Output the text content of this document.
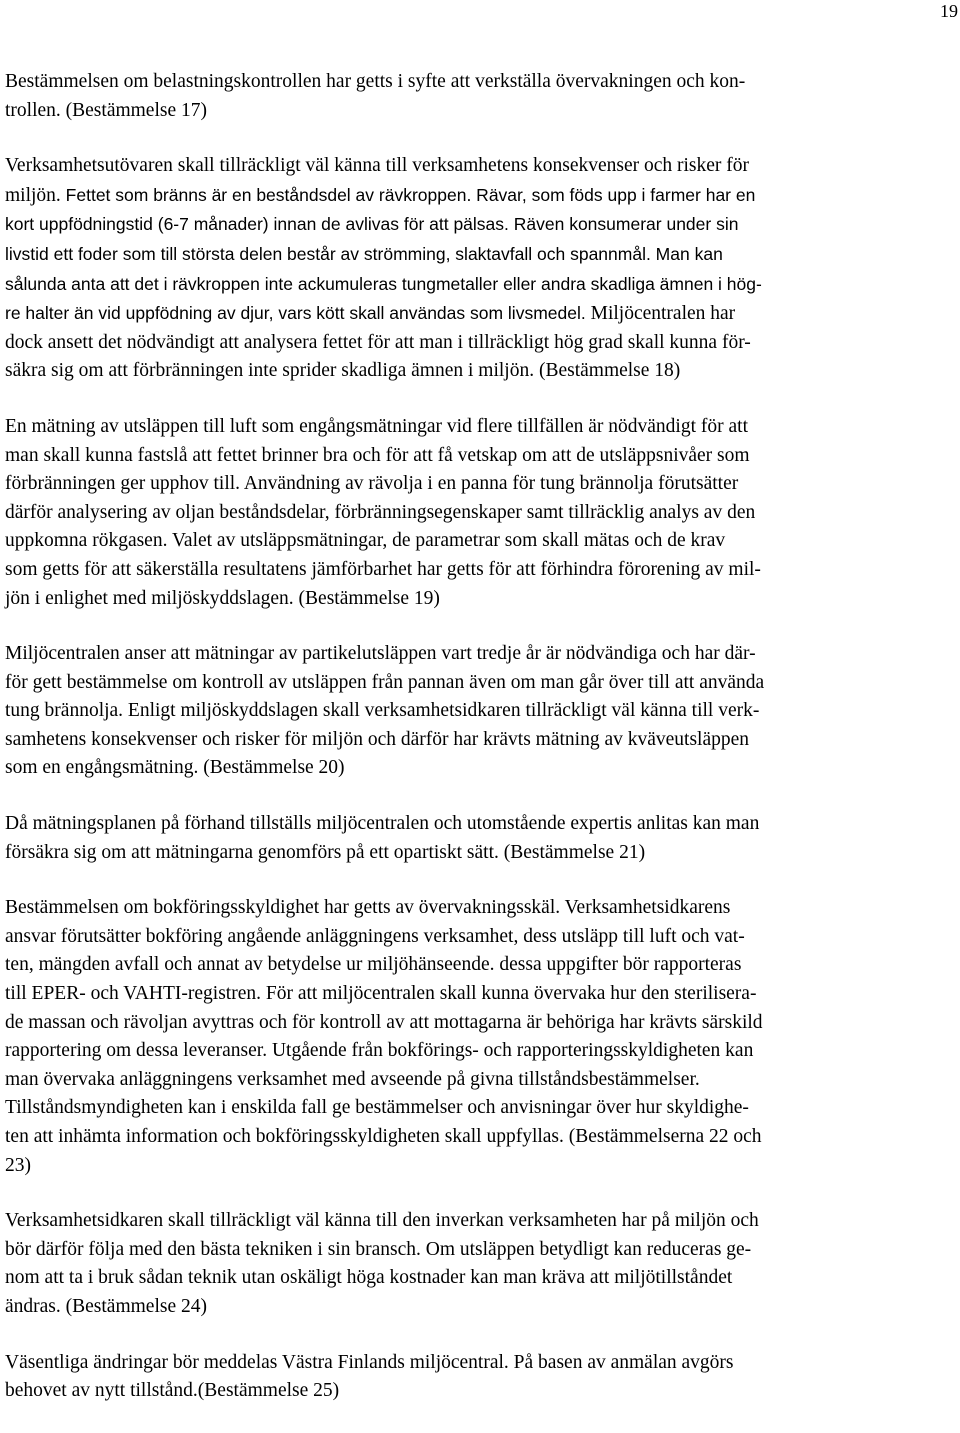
19

Bestämmelsen om belastningskontrollen har getts i syfte att verkställa övervakningen och kon-
trollen. (Bestämmelse 17)

Verksamhetsutövaren skall tillräckligt väl känna till verksamhetens konsekvenser och risker för
miljön. Fettet som bränns är en beståndsdel av rävkroppen. Rävar, som föds upp i farmer har en
kort uppfödningstid (6-7 månader) innan de avlivas för att pälsas. Räven konsumerar under sin
livstid ett foder som till största delen består av strömming, slaktavfall och spannmål. Man kan
sålunda anta att det i rävkroppen inte ackumuleras tungmetaller eller andra skadliga ämnen i hög-
re halter än vid uppfödning av djur, vars kött skall användas som livsmedel. Miljöcentralen har
dock ansett det nödvändigt att analysera fettet för att man i tillräckligt hög grad skall kunna för-
säkra sig om att förbränningen inte sprider skadliga ämnen i miljön. (Bestämmelse 18)

En mätning av utsläppen till luft som engångsmätningar vid flere tillfällen är nödvändigt för att
man skall kunna fastslå att fettet brinner bra och för att få vetskap om att de utsläppsnivåer som
förbränningen ger upphov till. Användning av rävolja i en panna för tung brännolja förutsätter
därför analysering av oljan beståndsdelar, förbränningsegenskaper samt tillräcklig analys av den
uppkomna rökgasen. Valet av utsläppsmätningar, de parametrar som skall mätas och de krav
som getts för att säkerställa resultatens jämförbarhet har getts för att förhindra förorening av mil-
jön i enlighet med miljöskyddslagen. (Bestämmelse 19)

Miljöcentralen anser att mätningar av partikelutsläppen vart tredje år är nödvändiga och har där-
för gett bestämmelse om kontroll av utsläppen från pannan även om man går över till att använda
tung brännolja. Enligt miljöskyddslagen skall verksamhetsidkaren tillräckligt väl känna till verk-
samhetens konsekvenser och risker för miljön och därför har krävts mätning av kväveutsläppen
som en engångsmätning. (Bestämmelse 20)

Då mätningsplanen på förhand tillställs miljöcentralen och utomstående expertis anlitas kan man
försäkra sig om att mätningarna genomförs på ett opartiskt sätt. (Bestämmelse 21)

Bestämmelsen om bokföringsskyldighet har getts av övervakningsskäl. Verksamhetsidkarens
ansvar förutsätter bokföring angående anläggningens verksamhet, dess utsläpp till luft och vat-
ten, mängden avfall och annat av betydelse ur miljöhänseende. dessa uppgifter bör rapporteras
till EPER- och VAHTI-registren. För att miljöcentralen skall kunna övervaka hur den sterilisera-
de massan och rävoljan avyttras och för kontroll av att mottagarna är behöriga har krävts särskild
rapportering om dessa leveranser. Utgående från bokförings- och rapporteringsskyldigheten kan
man övervaka anläggningens verksamhet med avseende på givna tillståndsbestämmelser.
Tillståndsmyndigheten kan i enskilda fall ge bestämmelser och anvisningar över hur skyldighe-
ten att inhämta information och bokföringsskyldigheten skall uppfyllas. (Bestämmelserna 22 och
23)

Verksamhetsidkaren skall tillräckligt väl känna till den inverkan verksamheten har på miljön och
bör därför följa med den bästa tekniken i sin bransch. Om utsläppen betydligt kan reduceras ge-
nom att ta i bruk sådan teknik utan oskäligt höga kostnader kan man kräva att miljötillståndet
ändras. (Bestämmelse 24)

Väsentliga ändringar bör meddelas Västra Finlands miljöcentral. På basen av anmälan avgörs
behovet av nytt tillstånd.(Bestämmelse 25)
